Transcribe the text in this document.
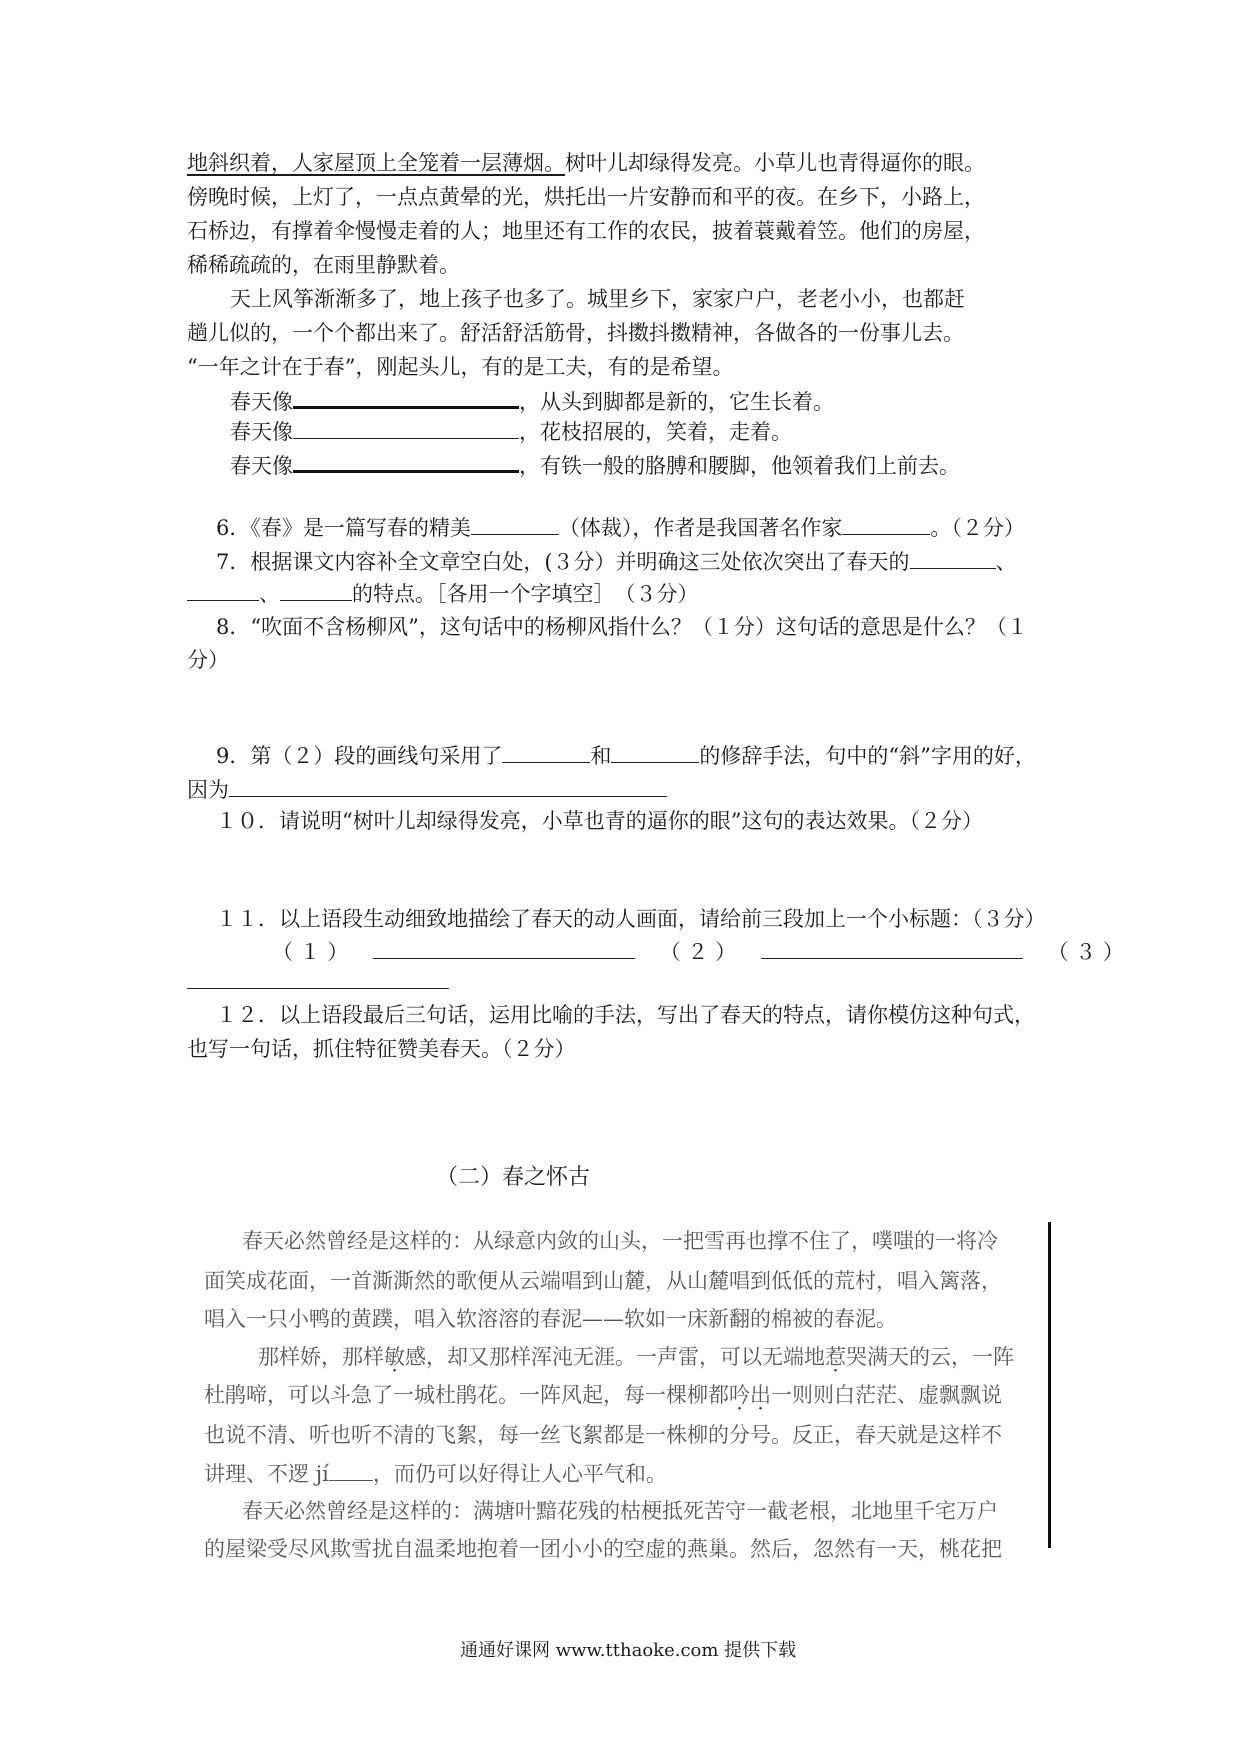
地斜织着，人家屋顶上全笼着一层薄烟。树叶儿却绿得发亮。小草儿也青得逼你的眼。
傍晚时候，上灯了，一点点黄晕的光，烘托出一片安静而和平的夜。在乡下，小路上，
石桥边，有撑着伞慢慢走着的人；地里还有工作的农民，披着蓑戴着笠。他们的房屋，
稀稀疏疏的，在雨里静默着。
天上风筝渐渐多了，地上孩子也多了。城里乡下，家家户户，老老小小，也都赶
趟儿似的，一个个都出来了。舒活舒活筋骨，抖擞抖擞精神，各做各的一份事儿去。
“一年之计在于春”，刚起头儿，有的是工夫，有的是希望。
春天像	，从头到脚都是新的，它生长着。
春天像	，花枝招展的，笑着，走着。
春天像	，有铁一般的胳膊和腰脚，他领着我们上前去。
6．《春》是一篇写春的精美	（体裁），作者是我国著名作家	。（２分）
7．根据课文内容补全文章空白处，(３分）并明确这三处依次突出了春天的	、
、	的特点。［各用一个字填空］　（３分）
8．“吹面不含杨柳风”，这句话中的杨柳风指什么？（１分）这句话的意思是什么？（１
分）
9．第（２）段的画线句采用了	和	的修辞手法，句中的“斜”字用的好，
因为
１０．请说明“树叶儿却绿得发亮，小草也青的逼你的眼”这句的表达效果。（２分）
１１．以上语段生动细致地描绘了春天的动人画面，请给前三段加上一个小标题：（３分）
（ １ ）	（ ２ ）	（ ３ ）
１２．以上语段最后三句话，运用比喻的手法，写出了春天的特点，请你模仿这种句式，
也写一句话，抓住特征赞美春天。（２分）
（二）春之怀古
春天必然曾经是这样的：从绿意内敛的山头，一把雪再也撑不住了，噗嗤的一将冷
面笑成花面，一首澌澌然的歌便从云端唱到山麓，从山麓唱到低低的荒村，唱入篱落，
唱入一只小鸭的黄蹼，唱入软溶溶的春泥——软如一床新翻的棉被的春泥。
那样娇，那样敏感，却又那样浑沌无涯。一声雷，可以无端地惹哭满天的云，一阵
杜鹃啼，可以斗急了一城杜鹃花。一阵风起，每一棵柳都吟出一则则白茫茫、虚飘飘说
也说不清、听也听不清的飞絮，每一丝飞絮都是一株柳的分号。反正，春天就是这样不
讲理、不逻 jí ，而仍可以好得让人心平气和。
春天必然曾经是这样的：满塘叶黯花残的枯梗抵死苦守一截老根，北地里千宅万户
的屋梁受尽风欺雪扰自温柔地抱着一团小小的空虚的燕巢。然后，忽然有一天，桃花把
通通好课网 www.tthaoke.com 提供下载
